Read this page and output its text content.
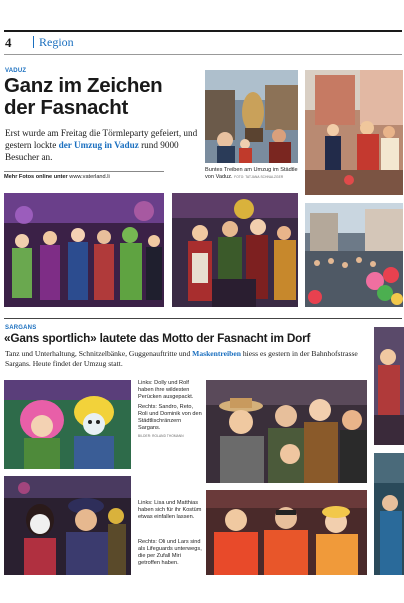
4 Region
VADUZ
Ganz im Zeichen
der Fasnacht
Erst wurde am Freitag die Törmleparty gefeiert, und gestern lockte der Umzug in Vaduz rund 9000 Besucher an.
Mehr Fotos online unter www.vaterland.li
Buntes Treiben am Umzug im Städtle von Vaduz. FOTO: TATJANA SCHNALZGER
SARGANS
«Gans sportlich» lautete das Motto der Fasnacht im Dorf
Tanz und Unterhaltung, Schnitzelbänke, Guggenauftritte und Maskentreiben hiess es gestern in der Bahnhofstrasse Sargans. Heute findet der Umzug statt.
Links: Dolly und Rolf haben ihre wildesten Perücken ausgepackt.
Rechts: Sandro, Reto, Roli und Dominik von den Städtlischränzern Sargans.
BILDER: ROLAND THOMANN
Links: Lisa und Matthias haben sich für ihr Kostüm etwas einfallen lassen.
Rechts: Oli und Lars sind als Lifeguards unterwegs, die per Zufall Miri getroffen haben.
